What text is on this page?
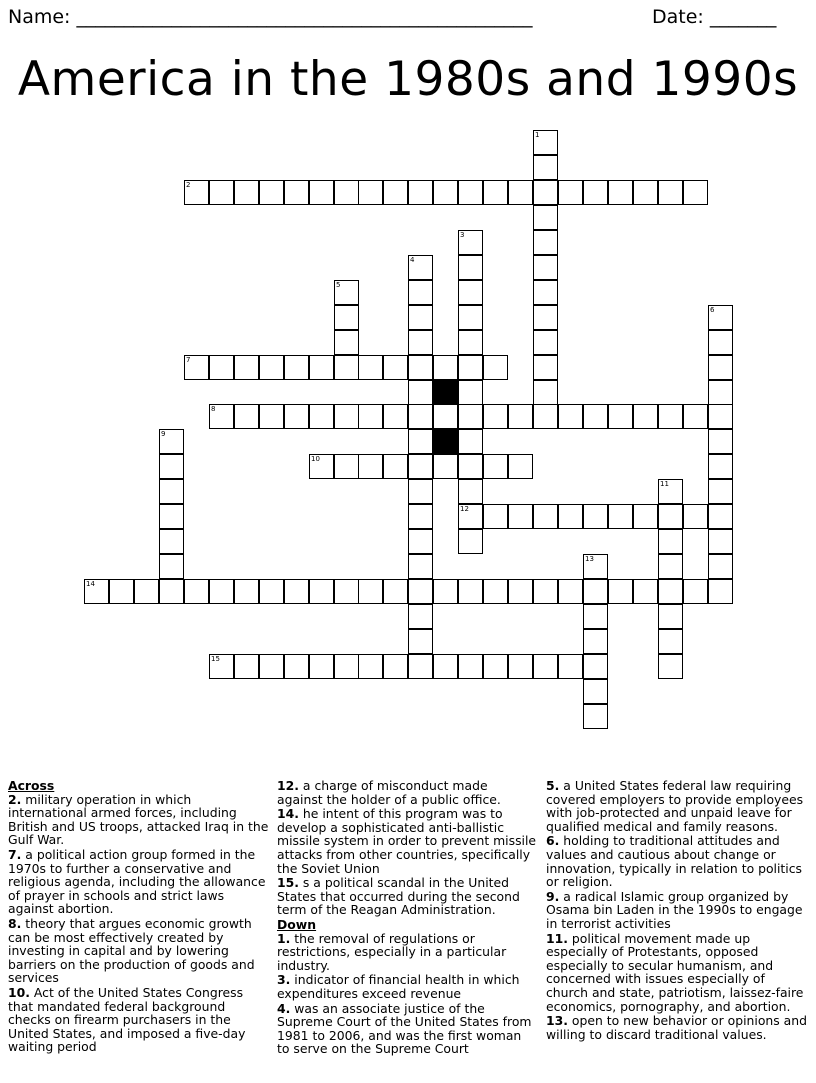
Name: ________________________________________________	Date: _______
America in the 1980s and 1990s
1
2
3
12
4
5
6
7
8
9
10
11
13
14
15
Across
2. military operation in which international armed forces, including British and US troops, attacked Iraq in the Gulf War.
7. a political action group formed in the 1970s to further a conservative and religious agenda, including the allowance of prayer in schools and strict laws against abortion.
8. theory that argues economic growth can be most effectively created by investing in capital and by lowering barriers on the production of goods and services
10. Act of the United States Congress that mandated federal background checks on firearm purchasers in the United States, and imposed a five-day waiting period
12. a charge of misconduct made against the holder of a public office.
14. he intent of this program was to develop a sophisticated anti-ballistic missile system in order to prevent missile attacks from other countries, specifically the Soviet Union
15. s a political scandal in the United States that occurred during the second term of the Reagan Administration.
Down
1. the removal of regulations or restrictions, especially in a particular industry.
3. indicator of financial health in which expenditures exceed revenue
4. was an associate justice of the Supreme Court of the United States from 1981 to 2006, and was the first woman to serve on the Supreme Court
5. a United States federal law requiring covered employers to provide employees with job-protected and unpaid leave for qualified medical and family reasons.
6. holding to traditional attitudes and values and cautious about change or innovation, typically in relation to politics or religion.
9. a radical Islamic group organized by Osama bin Laden in the 1990s to engage in terrorist activities
11. political movement made up especially of Protestants, opposed especially to secular humanism, and concerned with issues especially of church and state, patriotism, laissez-faire economics, pornography, and abortion.
13. open to new behavior or opinions and willing to discard traditional values.
